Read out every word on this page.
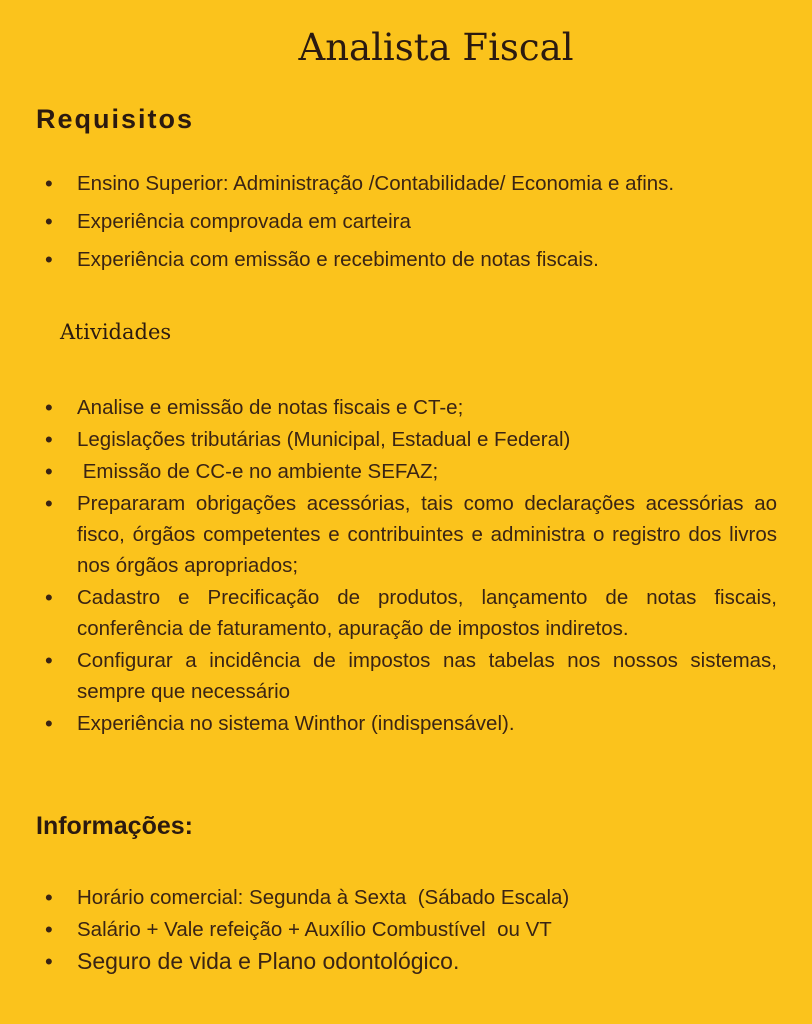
Analista Fiscal
Requisitos
• Ensino Superior: Administração /Contabilidade/ Economia e afins.
• Experiência comprovada em carteira
• Experiência com emissão e recebimento de notas fiscais.
Atividades
• Analise e emissão de notas fiscais e CT-e;
• Legislações tributárias (Municipal, Estadual e Federal)
• Emissão de CC-e no ambiente SEFAZ;
• Prepararam obrigações acessórias, tais como declarações acessórias ao fisco, órgãos competentes e contribuintes e administra o registro dos livros nos órgãos apropriados;
• Cadastro e Precificação de produtos, lançamento de notas fiscais, conferência de faturamento, apuração de impostos indiretos.
• Configurar a incidência de impostos nas tabelas nos nossos sistemas, sempre que necessário
• Experiência no sistema Winthor (indispensável).
Informações:
• Horário comercial: Segunda à Sexta  (Sábado Escala)
• Salário + Vale refeição + Auxílio Combustível  ou VT
• Seguro de vida e Plano odontológico.
